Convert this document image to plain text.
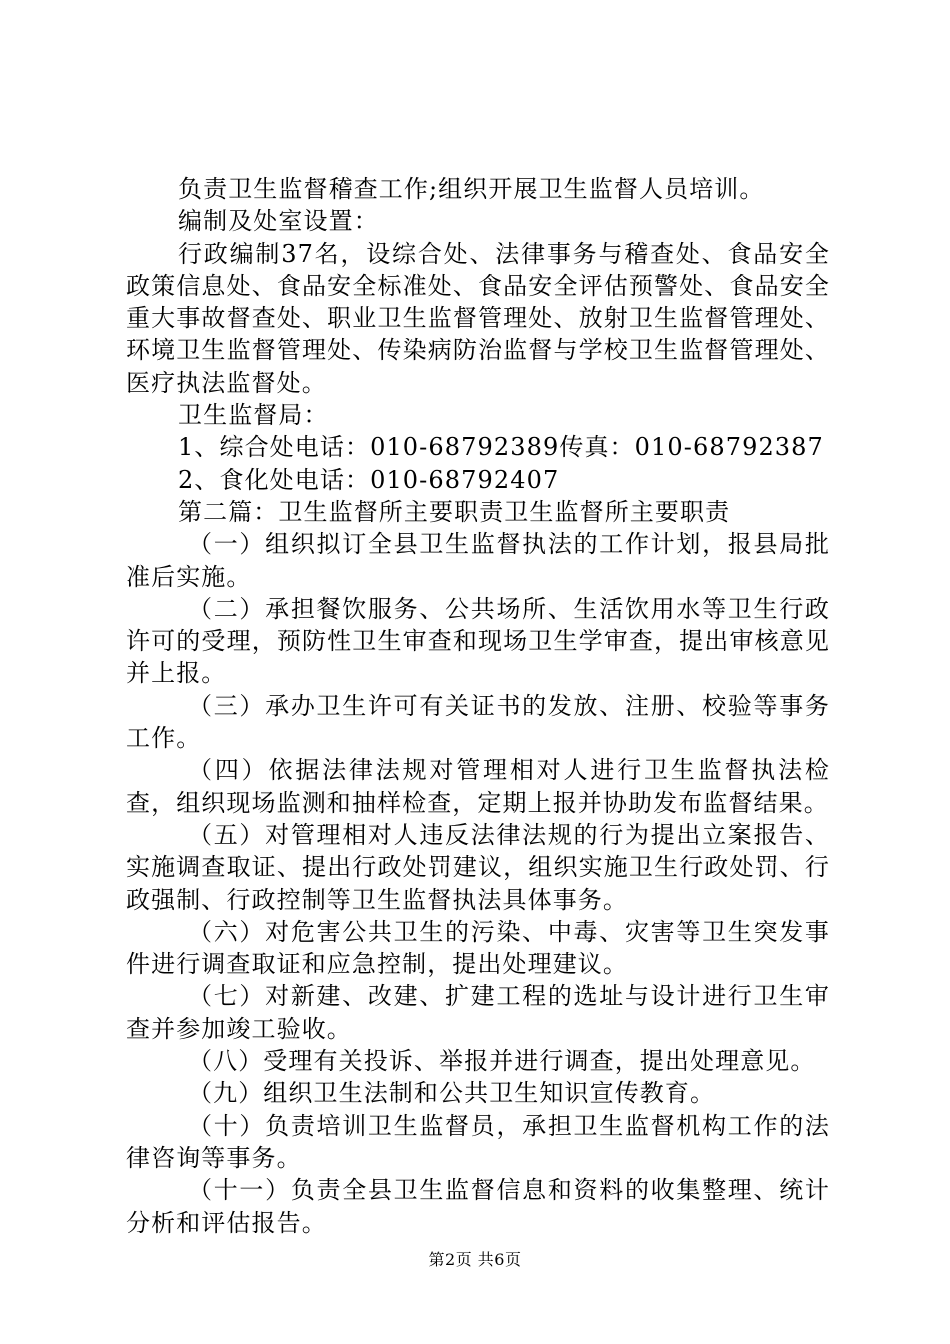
负责卫生监督稽查工作;组织开展卫生监督人员培训。

编制及处室设置：

行政编制37名，设综合处、法律事务与稽查处、食品安全政策信息处、食品安全标准处、食品安全评估预警处、食品安全重大事故督查处、职业卫生监督管理处、放射卫生监督管理处、环境卫生监督管理处、传染病防治监督与学校卫生监督管理处、医疗执法监督处。

卫生监督局：

1、综合处电话：010-68792389传真：010-68792387

2、食化处电话：010-68792407

第二篇：卫生监督所主要职责卫生监督所主要职责

（一）组织拟订全县卫生监督执法的工作计划，报县局批准后实施。

（二）承担餐饮服务、公共场所、生活饮用水等卫生行政许可的受理，预防性卫生审查和现场卫生学审查，提出审核意见并上报。

（三）承办卫生许可有关证书的发放、注册、校验等事务工作。

（四）依据法律法规对管理相对人进行卫生监督执法检查，组织现场监测和抽样检查，定期上报并协助发布监督结果。

（五）对管理相对人违反法律法规的行为提出立案报告、实施调查取证、提出行政处罚建议，组织实施卫生行政处罚、行政强制、行政控制等卫生监督执法具体事务。

（六）对危害公共卫生的污染、中毒、灾害等卫生突发事件进行调查取证和应急控制，提出处理建议。

（七）对新建、改建、扩建工程的选址与设计进行卫生审查并参加竣工验收。

（八）受理有关投诉、举报并进行调查，提出处理意见。

（九）组织卫生法制和公共卫生知识宣传教育。

（十）负责培训卫生监督员，承担卫生监督机构工作的法律咨询等事务。

（十一）负责全县卫生监督信息和资料的收集整理、统计分析和评估报告。

第2页 共6页
